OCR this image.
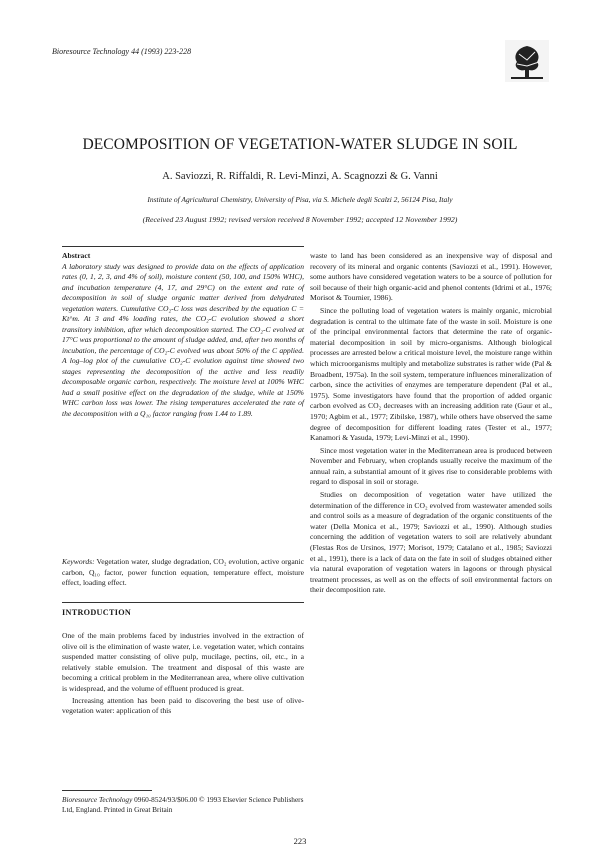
Bioresource Technology 44 (1993) 223-228
DECOMPOSITION OF VEGETATION-WATER SLUDGE IN SOIL
A. Saviozzi, R. Riffaldi, R. Levi-Minzi, A. Scagnozzi & G. Vanni
Institute of Agricultural Chemistry, University of Pisa, via S. Michele degli Scalzi 2, 56124 Pisa, Italy
(Received 23 August 1992; revised version received 8 November 1992; accepted 12 November 1992)
Abstract
A laboratory study was designed to provide data on the effects of application rates (0, 1, 2, 3, and 4% of soil), moisture content (50, 100, and 150% WHC), and incubation temperature (4, 17, and 29°C) on the extent and rate of decomposition in soil of sludge organic matter derived from dehydrated vegetation waters. Cumulative CO₂-C loss was described by the equation C = Kt^m. At 3 and 4% loading rates, the CO₂-C evolution showed a short transitory inhibition, after which decomposition started. The CO₂-C evolved at 17°C was proportional to the amount of sludge added, and, after two months of incubation, the percentage of CO₂-C evolved was about 50% of the C applied. A log–log plot of the cumulative CO₂-C evolution against time showed two stages representing the decomposition of the active and less readily decomposable organic carbon, respectively. The moisture level at 100% WHC had a small positive effect on the degradation of the sludge, while at 150% WHC carbon loss was lower. The rising temperatures accelerated the rate of the decomposition with a Q₁₀ factor ranging from 1.44 to 1.89.
Keywords: Vegetation water, sludge degradation, CO₂ evolution, active organic carbon, Q₁₀ factor, power function equation, temperature effect, moisture effect, loading effect.
INTRODUCTION

One of the main problems faced by industries involved in the extraction of olive oil is the elimination of waste water, i.e. vegetation water, which contains suspended matter consisting of olive pulp, mucilage, pectins, oil, etc., in a relatively stable emulsion. The treatment and disposal of this waste are becoming a critical problem in the Mediterranean area, where olive cultivation is widespread, and the volume of effluent produced is great.

Increasing attention has been paid to discovering the best use of olive-vegetation water: application of this

Bioresource Technology 0960-8524/93/$06.00 © 1993 Elsevier Science Publishers Ltd, England. Printed in Great Britain

waste to land has been considered as an inexpensive way of disposal and recovery of its mineral and organic contents (Saviozzi et al., 1991). However, some authors have considered vegetation waters to be a source of pollution for soil because of their high organic-acid and phenol contents (Idrimi et al., 1976; Morisot & Tournier, 1986).

Since the polluting load of vegetation waters is mainly organic, microbial degradation is central to the ultimate fate of the waste in soil. Moisture is one of the principal environmental factors that determine the rate of organic-material decomposition in soil by micro-organisms. Although biological processes are arrested below a critical moisture level, the moisture range within which microorganisms multiply and metabolize substrates is rather wide (Pal & Broadbent, 1975a). In the soil system, temperature influences mineralization of carbon, since the activities of enzymes are temperature dependent (Pal et al., 1975). Some investigators have found that the proportion of added organic carbon evolved as CO₂ decreases with an increasing addition rate (Gaur et al., 1970; Agbim et al., 1977; Zibilske, 1987), while others have observed the same degree of decomposition for different loading rates (Tester et al., 1977; Kanamori & Yasuda, 1979; Levi-Minzi et al., 1990).

Since most vegetation water in the Mediterranean area is produced between November and February, when croplands usually receive the maximum of the annual rain, a substantial amount of it gives rise to considerable problems with regard to disposal in soil or storage.

Studies on decomposition of vegetation water have utilized the determination of the difference in CO₂ evolved from wastewater amended soils and control soils as a measure of degradation of the organic constituents of the water (Della Monica et al., 1979; Saviozzi et al., 1990). Although studies concerning the addition of vegetation waters to soil are relatively abundant (Flestas Ros de Ursinos, 1977; Morisot, 1979; Catalano et al., 1985; Saviozzi et al., 1991), there is a lack of data on the fate in soil of sludges obtained either via natural evaporation of vegetation waters in lagoons or through physical treatment processes, as well as on the effects of soil environmental factors on their decomposition rate.

223
